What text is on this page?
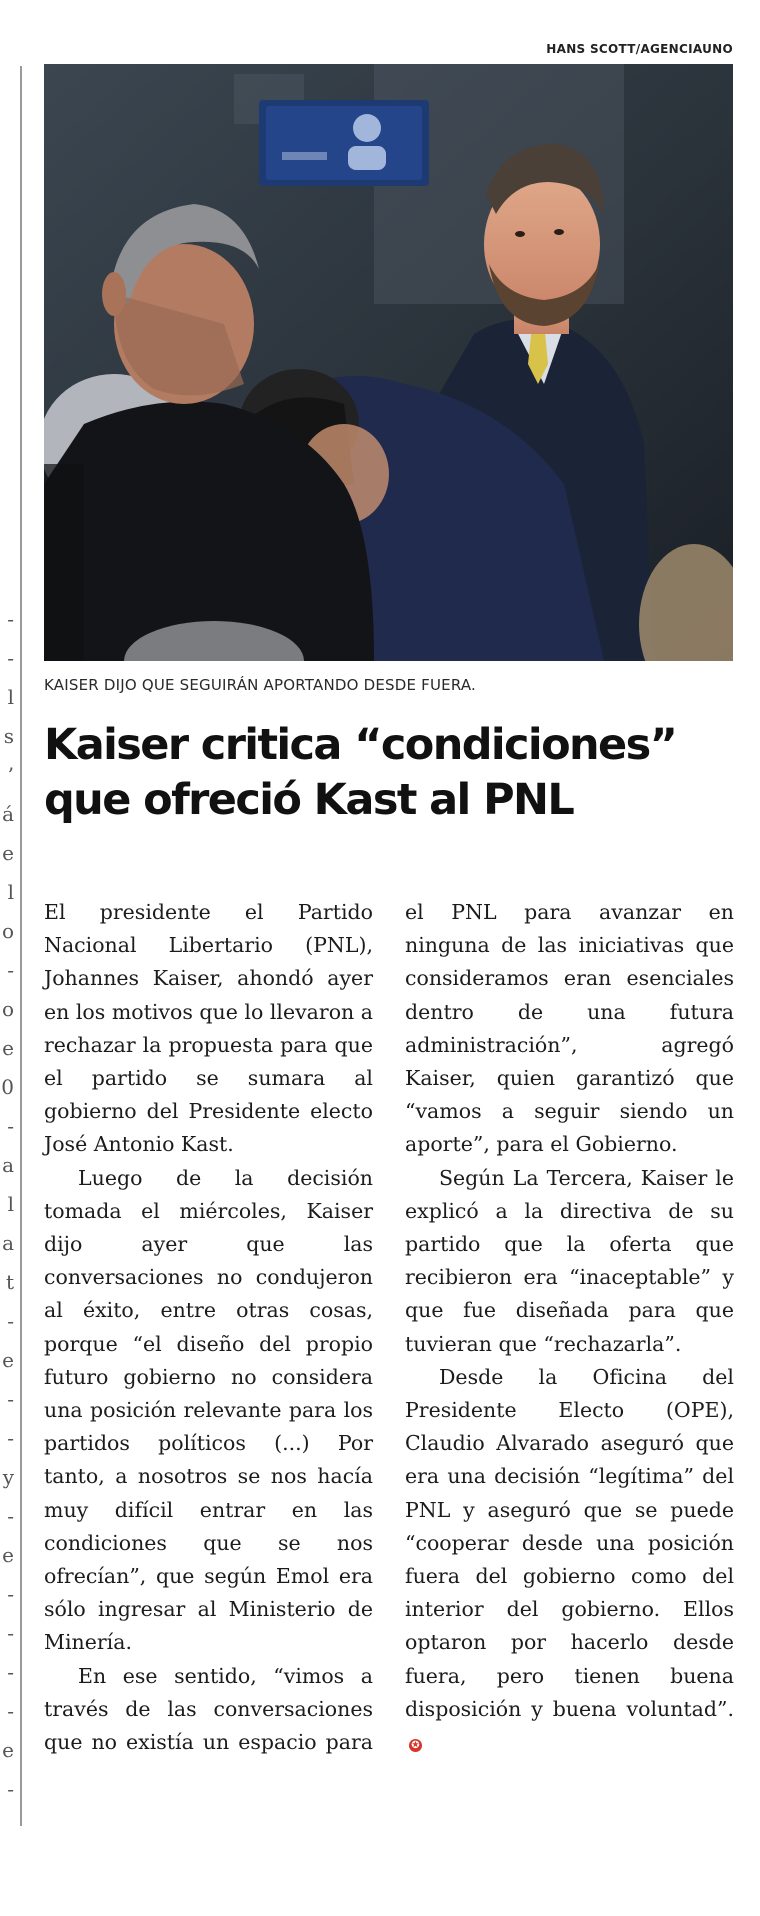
-
-
l
s
’
á
e
l
o
-
o
e
0
-
a
l
a
t
-
e
-
-
y
-
e
-
-
-
-
e
-
HANS SCOTT/AGENCIAUNO
KAISER DIJO QUE SEGUIRÁN APORTANDO DESDE FUERA.
Kaiser critica “condiciones”
que ofreció Kast al PNL

El presidente el Partido Nacional Libertario (PNL), Johannes Kaiser, ahondó ayer en los motivos que lo llevaron a rechazar la propuesta para que el partido se sumara al gobierno del Presidente electo José Antonio Kast.

Luego de la decisión tomada el miércoles, Kaiser dijo ayer que las conversaciones no condujeron al éxito, entre otras cosas, porque “el diseño del propio futuro gobierno no considera una posición relevante para los partidos políticos (...) Por tanto, a nosotros se nos hacía muy difícil entrar en las condiciones que se nos ofrecían”, que según Emol era sólo ingresar al Ministerio de Minería.

En ese sentido, “vimos a través de las conversaciones que no existía un espacio para el PNL para avanzar en ninguna de las iniciativas que consideramos eran esenciales dentro de una futura administración”, agregó Kaiser, quien garantizó que “vamos a seguir siendo un aporte”, para el Gobierno.

Según La Tercera, Kaiser le explicó a la directiva de su partido que la oferta que recibieron era “inaceptable” y que fue diseñada para que tuvieran que “rechazarla”.

Desde la Oficina del Presidente Electo (OPE), Claudio Alvarado aseguró que era una decisión “legítima” del PNL y aseguró que se puede “cooperar desde una posición fuera del gobierno como del interior del gobierno. Ellos optaron por hacerlo desde fuera, pero tienen buena disposición y buena voluntad”.✪
